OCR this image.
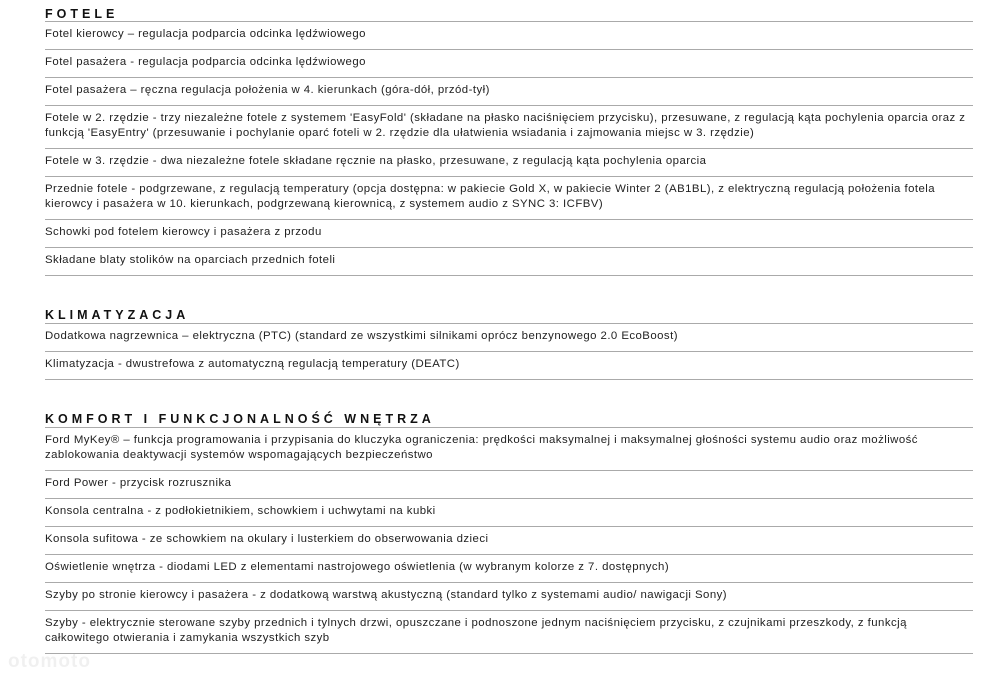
FOTELE
Fotel kierowcy – regulacja podparcia odcinka lędźwiowego
Fotel pasażera - regulacja podparcia odcinka lędźwiowego
Fotel pasażera – ręczna regulacja położenia w 4. kierunkach (góra-dół, przód-tył)
Fotele w 2. rzędzie - trzy niezależne fotele z systemem 'EasyFold' (składane na płasko naciśnięciem przycisku), przesuwane, z regulacją kąta pochylenia oparcia oraz z funkcją 'EasyEntry' (przesuwanie i pochylanie oparć foteli w 2. rzędzie dla ułatwienia wsiadania i zajmowania miejsc w 3. rzędzie)
Fotele w 3. rzędzie - dwa niezależne fotele składane ręcznie na płasko, przesuwane, z regulacją kąta pochylenia oparcia
Przednie fotele - podgrzewane, z regulacją temperatury (opcja dostępna: w pakiecie Gold X, w pakiecie Winter 2 (AB1BL), z elektryczną regulacją położenia fotela kierowcy i pasażera w 10. kierunkach, podgrzewaną kierownicą, z systemem audio z SYNC 3: ICFBV)
Schowki pod fotelem kierowcy i pasażera z przodu
Składane blaty stolików na oparciach przednich foteli
KLIMATYZACJA
Dodatkowa nagrzewnica – elektryczna (PTC) (standard ze wszystkimi silnikami oprócz benzynowego 2.0 EcoBoost)
Klimatyzacja - dwustrefowa z automatyczną regulacją temperatury (DEATC)
KOMFORT I FUNKCJONALNOŚĆ WNĘTRZA
Ford MyKey® – funkcja programowania i przypisania do kluczyka ograniczenia: prędkości maksymalnej i maksymalnej głośności systemu audio oraz możliwość zablokowania deaktywacji systemów wspomagających bezpieczeństwo
Ford Power - przycisk rozrusznika
Konsola centralna - z podłokietnikiem, schowkiem i uchwytami na kubki
Konsola sufitowa - ze schowkiem na okulary i lusterkiem do obserwowania dzieci
Oświetlenie wnętrza - diodami LED z elementami nastrojowego oświetlenia (w wybranym kolorze z 7. dostępnych)
Szyby po stronie kierowcy i pasażera - z dodatkową warstwą akustyczną (standard tylko z systemami audio/ nawigacji Sony)
Szyby - elektrycznie sterowane szyby przednich i tylnych drzwi, opuszczane i podnoszone jednym naciśnięciem przycisku, z czujnikami przeszkody, z funkcją całkowitego otwierania i zamykania wszystkich szyb
otomoto
